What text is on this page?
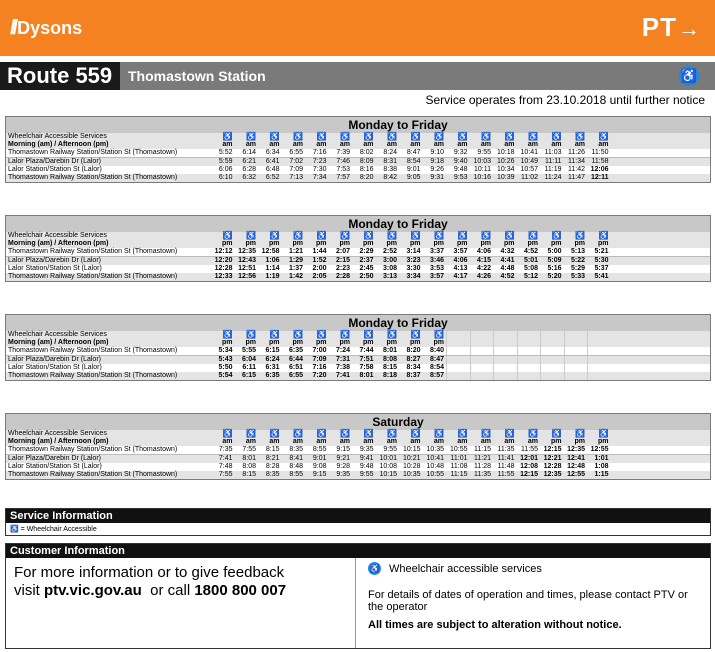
// Dysons	PT→
Route 559	Thomastown Station	♿
Service operates from 23.10.2018 until further notice
Monday to Friday
Wheelchair Accessible Services	♿	♿	♿	♿	♿	♿	♿	♿	♿	♿	♿	♿	♿	♿	♿	♿	♿
Morning (am) / Afternoon (pm)	am	am	am	am	am	am	am	am	am	am	am	am	am	am	am	am	am
Thomastown Railway Station/Station St (Thomastown)	5:52	6:14	6:34	6:55	7:16	7:39	8:02	8:24	8:47	9:10	9:32	9:55 10:18 10:41 11:03 11:26 11:50
Lalor Plaza/Darebin Dr (Lalor)	5:59	6:21	6:41	7:02	7:23	7:46	8:09	8:31	8:54	9:18	9:40 10:03 10:26 10:49	11:11 11:34 11:58
Lalor Station/Station St (Lalor)	6:06	6:28	6:48	7:09	7:30	7:53	8:16	8:38	9:01	9:26	9:48 10:11 10:34 10:57 11:19 11:42 12:06
Thomastown Railway Station/Station St (Thomastown)	6:10	6:32	6:52	7:13	7:34	7:57	8:20	8:42	9:05	9:31	9:53 10:16 10:39 11:02 11:24 11:47 12:11
Monday to Friday
Wheelchair Accessible Services	♿	♿	♿	♿	♿	♿	♿	♿	♿	♿	♿	♿	♿	♿	♿	♿	♿
Morning (am) / Afternoon (pm)	pm	pm	pm	pm	pm	pm	pm	pm	pm	pm	pm	pm	pm	pm	pm	pm	pm
Thomastown Railway Station/Station St (Thomastown)	12:12 12:35 12:58	1:21	1:44	2:07	2:29	2:52	3:14	3:37	3:57	4:06	4:32	4:52	5:00	5:13	5:21
Lalor Plaza/Darebin Dr (Lalor)	12:20 12:43	1:06	1:29	1:52	2:15	2:37	3:00	3:23	3:46	4:06	4:15	4:41	5:01	5:09	5:22	5:30
Lalor Station/Station St (Lalor)	12:28 12:51	1:14	1:37	2:00	2:23	2:45	3:08	3:30	3:53	4:13	4:22	4:48	5:08	5:16	5:29	5:37
Thomastown Railway Station/Station St (Thomastown)	12:33 12:56	1:19	1:42	2:05	2:28	2:50	3:13	3:34	3:57	4:17	4:26	4:52	5:12	5:20	5:33	5:41
Monday to Friday
Wheelchair Accessible Services	♿	♿	♿	♿	♿	♿	♿	♿	♿	♿
Morning (am) / Afternoon (pm)	pm	pm	pm	pm	pm	pm	pm	pm	pm	pm
Thomastown Railway Station/Station St (Thomastown)	5:34	5:55	6:15	6:35	7:00	7:24	7:44	8:01	8:20	8:40
Lalor Plaza/Darebin Dr (Lalor)	5:43	6:04	6:24	6:44	7:09	7:31	7:51	8:08	8:27	8:47
Lalor Station/Station St (Lalor)	5:50	6:11	6:31	6:51	7:16	7:38	7:58	8:15	8:34	8:54
Thomastown Railway Station/Station St (Thomastown)	5:54	6:15	6:35	6:55	7:20	7:41	8:01	8:18	8:37	8:57
Saturday
Wheelchair Accessible Services	♿	♿	♿	♿	♿	♿	♿	♿	♿	♿	♿	♿	♿	♿	♿	♿	♿
Morning (am) / Afternoon (pm)	am	am	am	am	am	am	am	am	am	am	am	am	am	am	pm	pm	pm
Thomastown Railway Station/Station St (Thomastown)	7:35	7:55	8:15	8:35	8:55	9:15	9:35	9:55 10:15 10:35 10:55 11:15 11:35 11:55 12:15 12:35 12:55
Lalor Plaza/Darebin Dr (Lalor)	7:41	8:01	8:21	8:41	9:01	9:21	9:41 10:01 10:21 10:41 11:01 11:21 11:41 12:01 12:21 12:41	1:01
Lalor Station/Station St (Lalor)	7:48	8:08	8:28	8:48	9:08	9:28	9:48 10:08 10:28 10:48 11:08 11:28 11:48 12:08 12:28 12:48	1:08
Thomastown Railway Station/Station St (Thomastown)	7:55	8:15	8:35	8:55	9:15	9:35	9:55 10:15 10:35 10:55 11:15 11:35 11:55 12:15 12:35 12:55	1:15
Service Information
♿ = Wheelchair Accessible
Customer Information
For more information or to give feedback
visit ptv.vic.gov.au  or call 1800 800 007
♿ Wheelchair accessible services
For details of dates of operation and times, please contact PTV or the operator
All times are subject to alteration without notice.
